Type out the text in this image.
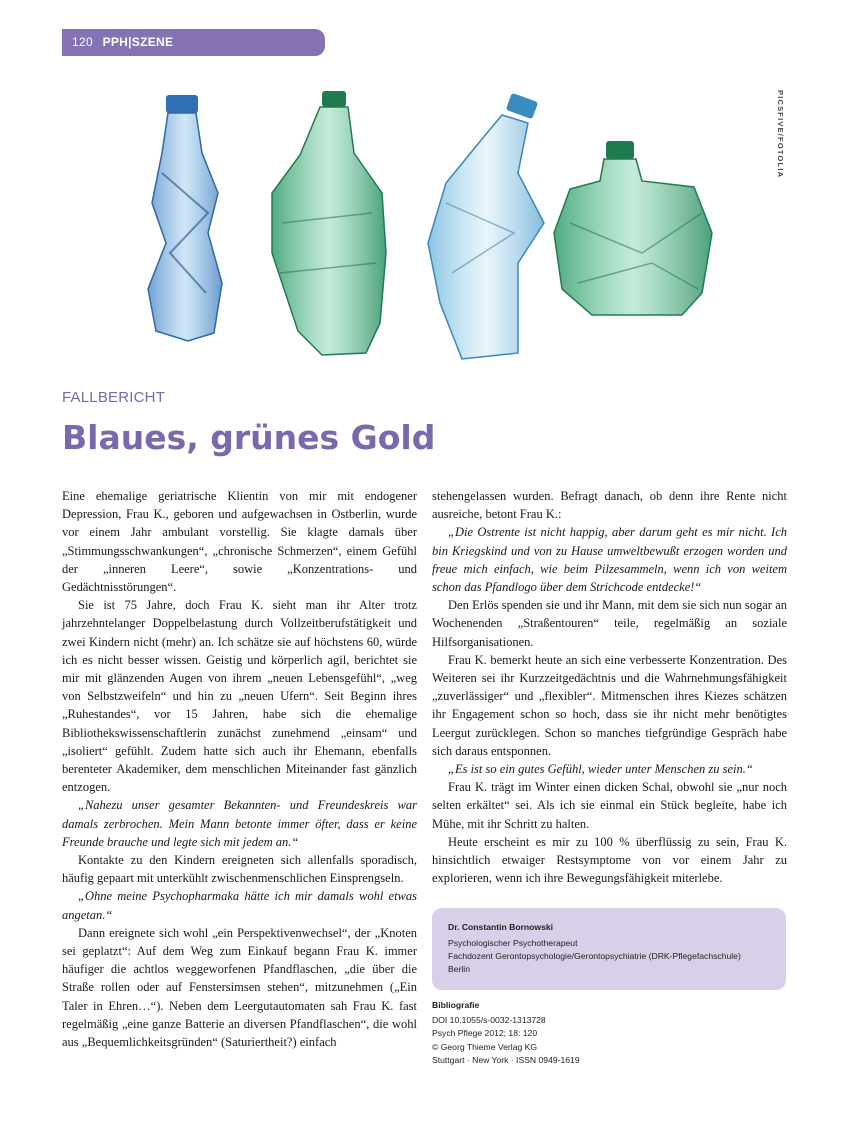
120 PPH|SZENE
PICSFIVE/FOTOLIA
FALLBERICHT
Blaues, grünes Gold

Eine ehemalige geriatrische Klientin von mir mit endogener Depression, Frau K., geboren und aufgewachsen in Ostberlin, wurde vor einem Jahr ambulant vorstellig. Sie klagte damals über „Stimmungsschwankungen“, „chronische Schmerzen“, einem Gefühl der „inneren Leere“, sowie „Konzentrations- und Gedächtnisstörungen“.

Sie ist 75 Jahre, doch Frau K. sieht man ihr Alter trotz jahrzehntelanger Doppelbelastung durch Vollzeitberufstätigkeit und zwei Kindern nicht (mehr) an. Ich schätze sie auf höchstens 60, würde ich es nicht besser wissen. Geistig und körperlich agil, berichtet sie mir mit glänzenden Augen von ihrem „neuen Lebensgefühl“, „weg von Selbstzweifeln“ und hin zu „neuen Ufern“. Seit Beginn ihres „Ruhestandes“, vor 15 Jahren, habe sich die ehemalige Bibliothekswissenschaftlerin zunächst zunehmend „einsam“ und „isoliert“ gefühlt. Zudem hatte sich auch ihr Ehemann, ebenfalls berenteter Akademiker, dem menschlichen Miteinander fast gänzlich entzogen.

„Nahezu unser gesamter Bekannten- und Freundeskreis war damals zerbrochen. Mein Mann betonte immer öfter, dass er keine Freunde brauche und legte sich mit jedem an.“

Kontakte zu den Kindern ereigneten sich allenfalls sporadisch, häufig gepaart mit unterkühlt zwischenmenschlichen Einsprengseln.

„Ohne meine Psychopharmaka hätte ich mir damals wohl etwas angetan.“

Dann ereignete sich wohl „ein Perspektivenwechsel“, der „Knoten sei geplatzt“: Auf dem Weg zum Einkauf begann Frau K. immer häufiger die achtlos weggeworfenen Pfandflaschen, „die über die Straße rollen oder auf Fenstersimsen stehen“, mitzunehmen („Ein Taler in Ehren…“). Neben dem Leergutautomaten sah Frau K. fast regelmäßig „eine ganze Batterie an diversen Pfandflaschen“, die wohl aus „Bequemlichkeitsgründen“ (Saturiertheit?) einfach

stehengelassen wurden. Befragt danach, ob denn ihre Rente nicht ausreiche, betont Frau K.:

„Die Ostrente ist nicht happig, aber darum geht es mir nicht. Ich bin Kriegskind und von zu Hause umweltbewußt erzogen worden und freue mich einfach, wie beim Pilzesammeln, wenn ich von weitem schon das Pfandlogo über dem Strichcode entdecke!“

Den Erlös spenden sie und ihr Mann, mit dem sie sich nun sogar an Wochenenden „Straßentouren“ teile, regelmäßig an soziale Hilfsorganisationen.

Frau K. bemerkt heute an sich eine verbesserte Konzentration. Des Weiteren sei ihr Kurzzeitgedächtnis und die Wahrnehmungsfähigkeit „zuverlässiger“ und „flexibler“. Mitmenschen ihres Kiezes schätzen ihr Engagement schon so hoch, dass sie ihr nicht mehr benötigtes Leergut zurücklegen. Schon so manches tiefgründige Gespräch habe sich daraus entsponnen.

„Es ist so ein gutes Gefühl, wieder unter Menschen zu sein.“

Frau K. trägt im Winter einen dicken Schal, obwohl sie „nur noch selten erkältet“ sei. Als ich sie einmal ein Stück begleite, habe ich Mühe, mit ihr Schritt zu halten.

Heute erscheint es mir zu 100 % überflüssig zu sein, Frau K. hinsichtlich etwaiger Restsymptome von vor einem Jahr zu explorieren, wenn ich ihre Bewegungsfähigkeit miterlebe.

Dr. Constantin Bornowski
Psychologischer Psychotherapeut
Fachdozent Gerontopsychologie/Gerontopsychiatrie (DRK-Pflegefachschule)
Berlin
Bibliografie
DOI 10.1055/s-0032-1313728
Psych Pflege 2012; 18: 120
© Georg Thieme Verlag KG
Stuttgart · New York · ISSN 0949-1619
